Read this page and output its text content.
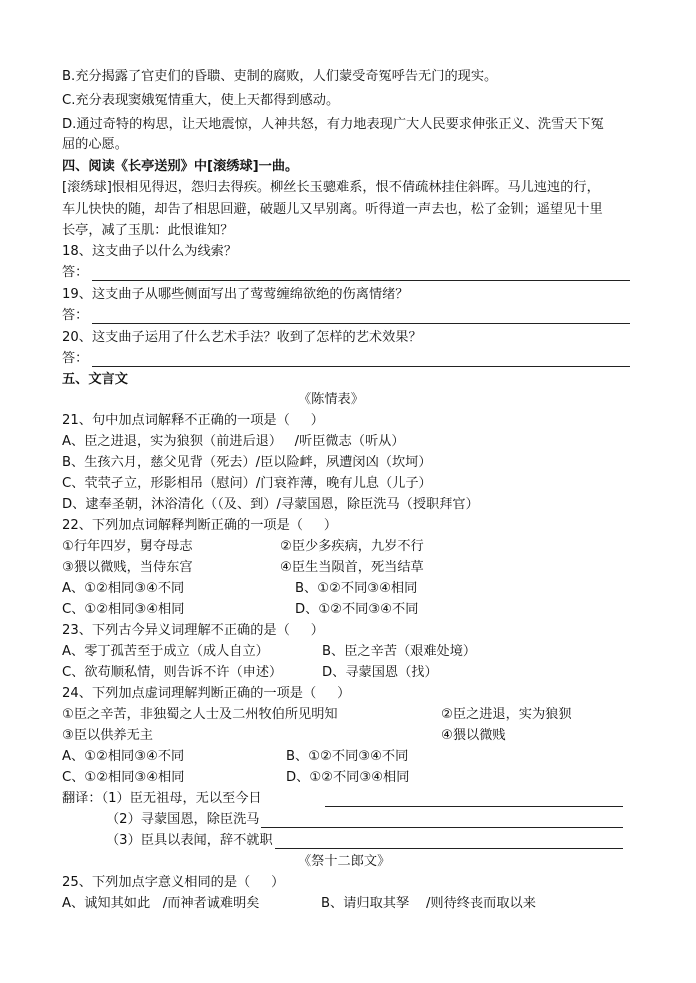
B.充分揭露了官吏们的昏聩、吏制的腐败，人们蒙受奇冤呼告无门的现实。
C.充分表现窦娥冤情重大，使上天都得到感动。
D.通过奇特的构思，让天地震惊，人神共怒，有力地表现广大人民要求伸张正义、洗雪天下冤
屈的心愿。
四、阅读《长亭送别》中[滚绣球]一曲。
[滚绣球]恨相见得迟，怨归去得疾。柳丝长玉骢难系，恨不倩疏林挂住斜晖。马儿迍迍的行，
车儿快快的随，却告了相思回避，破题儿又早别离。听得道一声去也，松了金钏；遥望见十里
长亭，减了玉肌：此恨谁知？
18、这支曲子以什么为线索？
答：
19、这支曲子从哪些侧面写出了莺莺缠绵欲绝的伤离情绪？
答：
20、这支曲子运用了什么艺术手法？收到了怎样的艺术效果？
答：
五、文言文
《陈情表》
21、句中加点词解释不正确的一项是（     ）
A、臣之进退，实为狼狈（前进后退）   /听臣微志（听从）
B、生孩六月，慈父见背（死去）/臣以险衅，夙遭闵凶（坎坷）
C、茕茕孑立，形影相吊（慰问）/门衰祚薄，晚有儿息（儿子）
D、逮奉圣朝，沐浴清化（（及、到）/寻蒙国恩，除臣洗马（授职拜官）
22、下列加点词解释判断正确的一项是（     ）
①行年四岁，舅夺母志	②臣少多疾病，九岁不行
③猥以微贱，当侍东宫	④臣生当陨首，死当结草
A、①②相同③④不同	B、①②不同③④相同
C、①②相同③④相同	D、①②不同③④不同
23、下列古今异义词理解不正确的是（     ）
A、零丁孤苦至于成立（成人自立）	B、臣之辛苦（艰难处境）
C、欲苟顺私情，则告诉不许（申述）	D、寻蒙国恩（找）
24、下列加点虚词理解判断正确的一项是（     ）
①臣之辛苦，非独蜀之人士及二州牧伯所见明知	②臣之进退，实为狼狈
③臣以供养无主	④猥以微贱
A、①②相同③④不同	B、①②不同③④不同
C、①②相同③④相同	D、①②不同③④相同
翻译：（1）臣无祖母，无以至今日
（2）寻蒙国恩，除臣洗马
（3）臣具以表闻，辞不就职
《祭十二郎文》
25、下列加点字意义相同的是（     ）
A、诚知其如此   /而神者诚难明矣	B、请归取其孥    /则待终丧而取以来
